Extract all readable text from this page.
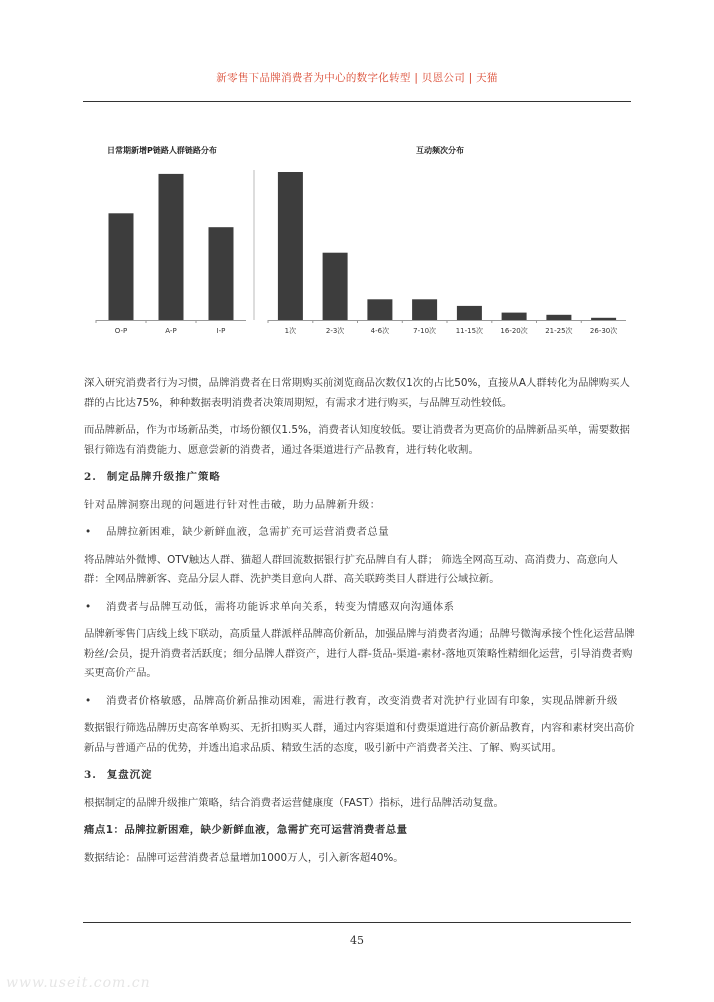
新零售下品牌消费者为中心的数字化转型 | 贝恩公司 | 天猫
日常期新增P链路人群链路分布	互动频次分布
O-P	A-P	I-P	1次	2-3次	4-6次	7-10次	11-15次 16-20次 21-25次 26-30次

深入研究消费者行为习惯，品牌消费者在日常期购买前浏览商品次数仅1次的占比50%，直接从A人群转化为品牌购买人群的占比达75%，种种数据表明消费者决策周期短，有需求才进行购买，与品牌互动性较低。

而品牌新品，作为市场新品类，市场份额仅1.5%，消费者认知度较低。要让消费者为更高价的品牌新品买单，需要数据银行筛选有消费能力、愿意尝新的消费者，通过各渠道进行产品教育，进行转化收割。

2. 制定品牌升级推广策略

针对品牌洞察出现的问题进行针对性击破，助力品牌新升级：

• 品牌拉新困难，缺少新鲜血液，急需扩充可运营消费者总量

将品牌站外微博、OTV触达人群、猫超人群回流数据银行扩充品牌自有人群； 筛选全网高互动、高消费力、高意向人群：全网品牌新客、竞品分层人群、洗护类目意向人群、高关联跨类目人群进行公域拉新。

• 消费者与品牌互动低，需将功能诉求单向关系，转变为情感双向沟通体系

品牌新零售门店线上线下联动，高质量人群派样品牌高价新品，加强品牌与消费者沟通；品牌号微淘承接个性化运营品牌粉丝/会员，提升消费者活跃度；细分品牌人群资产，进行人群-货品-渠道-素材-落地页策略性精细化运营，引导消费者购买更高价产品。

• 消费者价格敏感，品牌高价新品推动困难，需进行教育，改变消费者对洗护行业固有印象，实现品牌新升级

数据银行筛选品牌历史高客单购买、无折扣购买人群，通过内容渠道和付费渠道进行高价新品教育，内容和素材突出高价新品与普通产品的优势，并透出追求品质、精致生活的态度，吸引新中产消费者关注、了解、购买试用。

3. 复盘沉淀

根据制定的品牌升级推广策略，结合消费者运营健康度（FAST）指标，进行品牌活动复盘。

痛点1：品牌拉新困难，缺少新鲜血液，急需扩充可运营消费者总量

数据结论：品牌可运营消费者总量增加1000万人，引入新客超40%。

45
www.useit.com.cn
